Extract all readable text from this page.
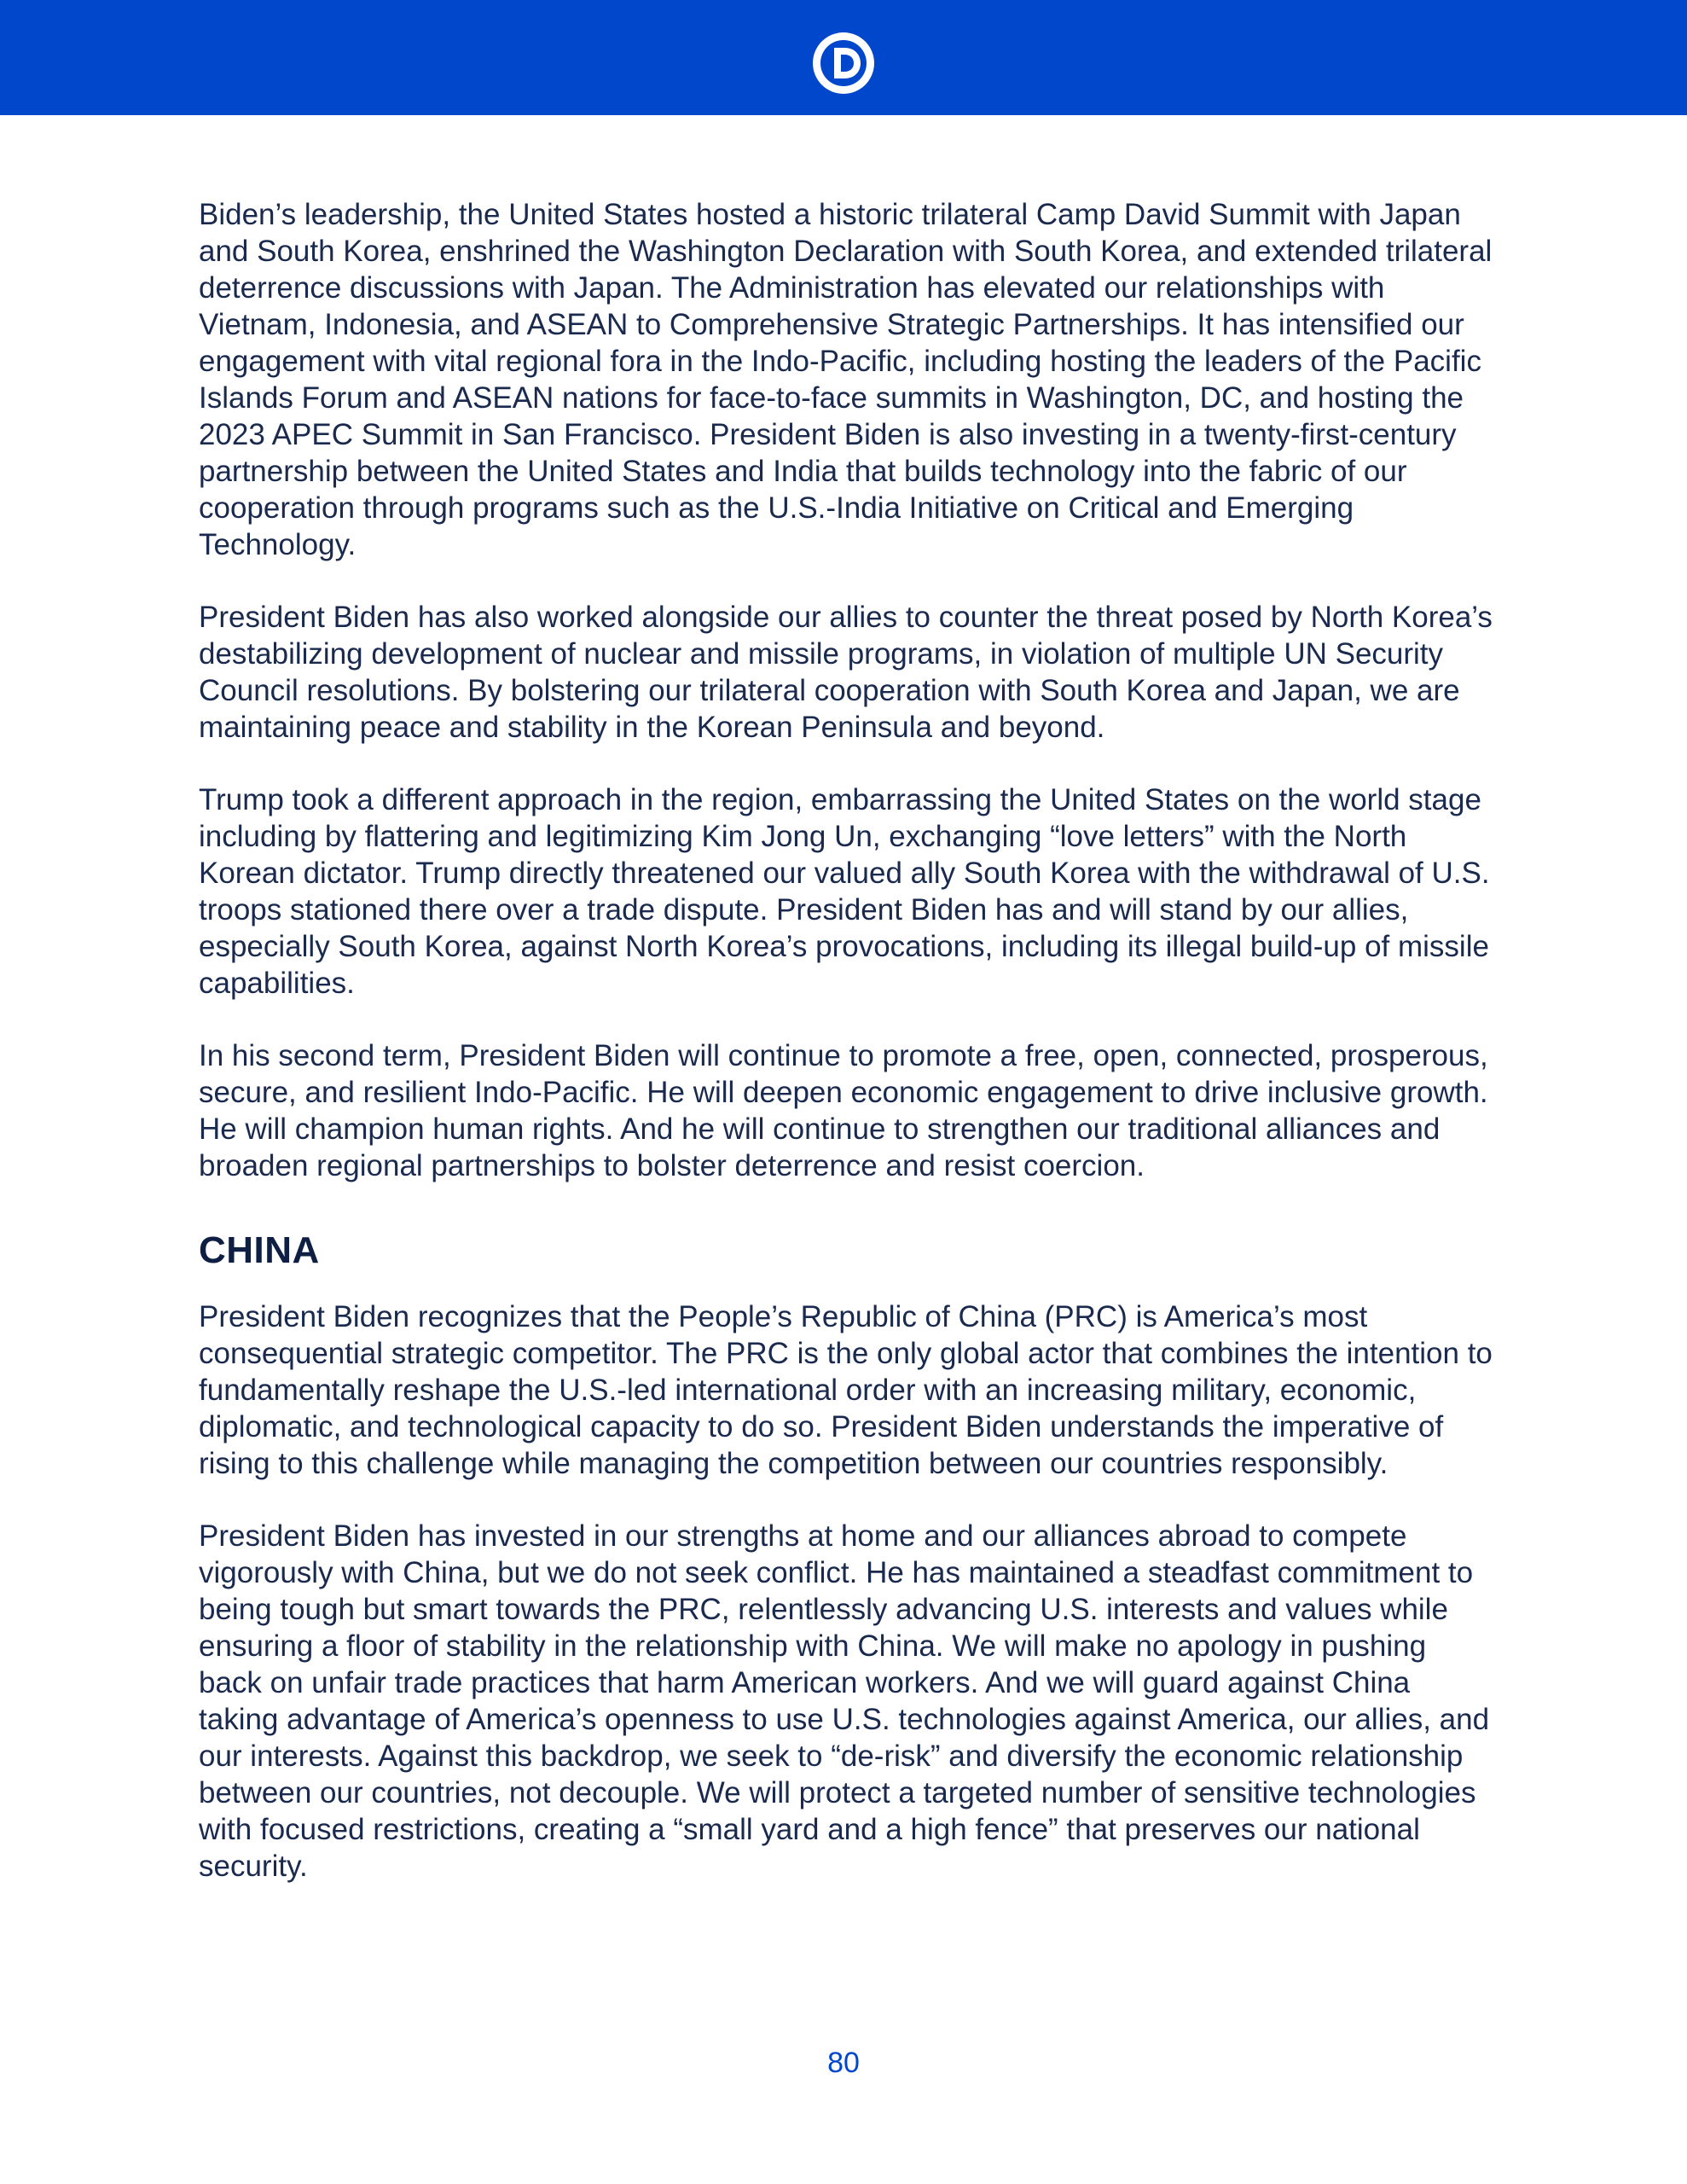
Biden’s leadership, the United States hosted a historic trilateral Camp David Summit with Japan and South Korea, enshrined the Washington Declaration with South Korea, and extended trilateral deterrence discussions with Japan. The Administration has elevated our relationships with Vietnam, Indonesia, and ASEAN to Comprehensive Strategic Partnerships. It has intensified our engagement with vital regional fora in the Indo-Pacific, including hosting the leaders of the Pacific Islands Forum and ASEAN nations for face-to-face summits in Washington, DC, and hosting the 2023 APEC Summit in San Francisco. President Biden is also investing in a twenty-first-century partnership between the United States and India that builds technology into the fabric of our cooperation through programs such as the U.S.-India Initiative on Critical and Emerging Technology.

President Biden has also worked alongside our allies to counter the threat posed by North Korea’s destabilizing development of nuclear and missile programs, in violation of multiple UN Security Council resolutions. By bolstering our trilateral cooperation with South Korea and Japan, we are maintaining peace and stability in the Korean Peninsula and beyond.

Trump took a different approach in the region, embarrassing the United States on the world stage including by flattering and legitimizing Kim Jong Un, exchanging “love letters” with the North Korean dictator. Trump directly threatened our valued ally South Korea with the withdrawal of U.S. troops stationed there over a trade dispute. President Biden has and will stand by our allies, especially South Korea, against North Korea’s provocations, including its illegal build-up of missile capabilities.

In his second term, President Biden will continue to promote a free, open, connected, prosperous, secure, and resilient Indo-Pacific. He will deepen economic engagement to drive inclusive growth. He will champion human rights. And he will continue to strengthen our traditional alliances and broaden regional partnerships to bolster deterrence and resist coercion.

CHINA

President Biden recognizes that the People’s Republic of China (PRC) is America’s most consequential strategic competitor. The PRC is the only global actor that combines the intention to fundamentally reshape the U.S.-led international order with an increasing military, economic, diplomatic, and technological capacity to do so. President Biden understands the imperative of rising to this challenge while managing the competition between our countries responsibly.

President Biden has invested in our strengths at home and our alliances abroad to compete vigorously with China, but we do not seek conflict. He has maintained a steadfast commitment to being tough but smart towards the PRC, relentlessly advancing U.S. interests and values while ensuring a floor of stability in the relationship with China. We will make no apology in pushing back on unfair trade practices that harm American workers. And we will guard against China taking advantage of America’s openness to use U.S. technologies against America, our allies, and our interests. Against this backdrop, we seek to “de-risk” and diversify the economic relationship between our countries, not decouple. We will protect a targeted number of sensitive technologies with focused restrictions, creating a “small yard and a high fence” that preserves our national security.

80
